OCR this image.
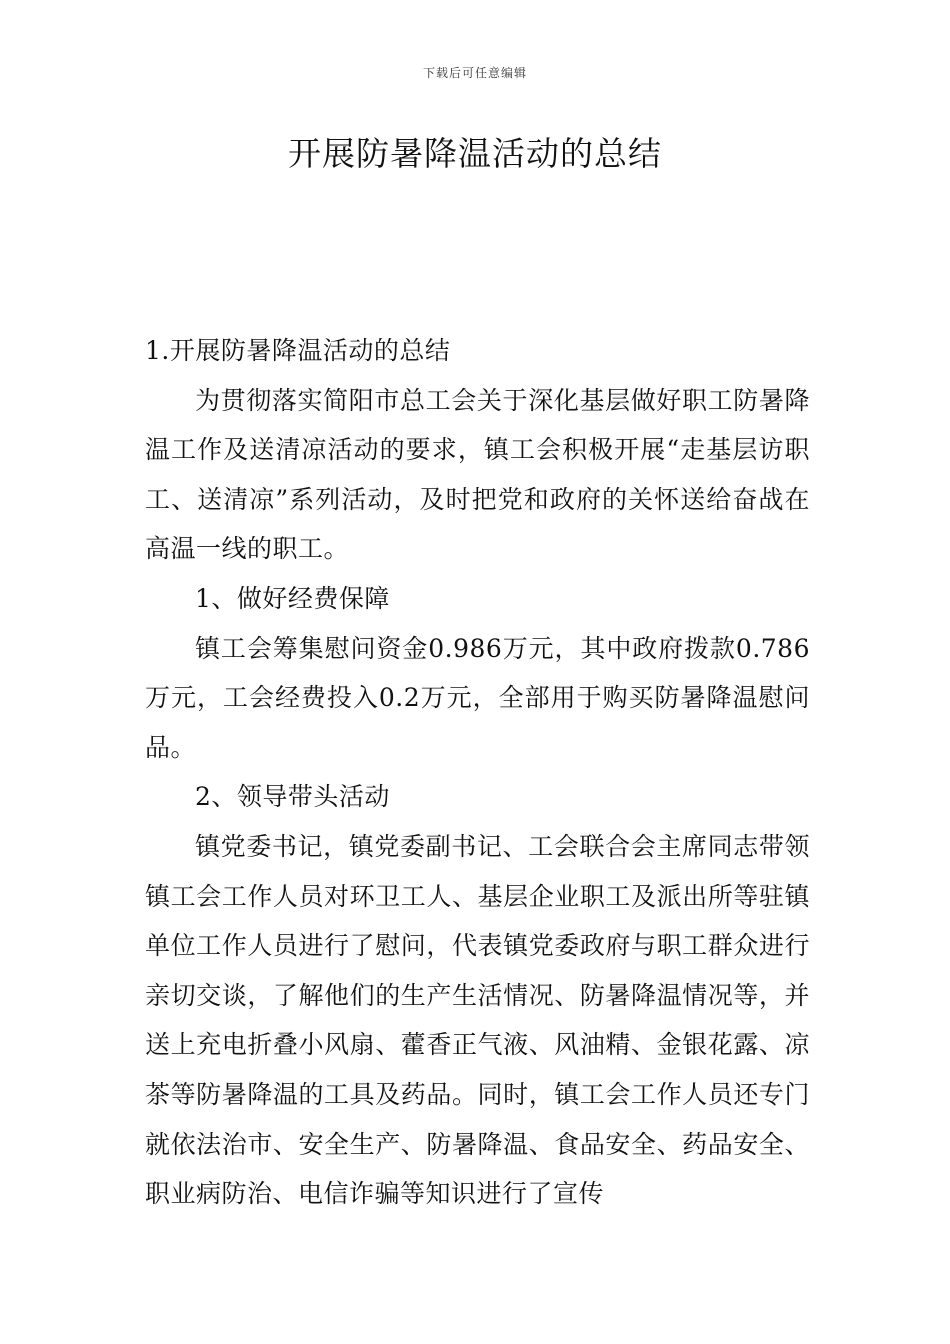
下载后可任意编辑
开展防暑降温活动的总结

1.开展防暑降温活动的总结

为贯彻落实简阳市总工会关于深化基层做好职工防暑降温工作及送清凉活动的要求，镇工会积极开展“走基层访职工、送清凉”系列活动，及时把党和政府的关怀送给奋战在高温一线的职工。

1、做好经费保障

镇工会筹集慰问资金0.986万元，其中政府拨款0.786万元，工会经费投入0.2万元，全部用于购买防暑降温慰问品。

2、领导带头活动

镇党委书记，镇党委副书记、工会联合会主席同志带领镇工会工作人员对环卫工人、基层企业职工及派出所等驻镇单位工作人员进行了慰问，代表镇党委政府与职工群众进行亲切交谈，了解他们的生产生活情况、防暑降温情况等，并送上充电折叠小风扇、藿香正气液、风油精、金银花露、凉茶等防暑降温的工具及药品。同时，镇工会工作人员还专门就依法治市、安全生产、防暑降温、食品安全、药品安全、职业病防治、电信诈骗等知识进行了宣传
